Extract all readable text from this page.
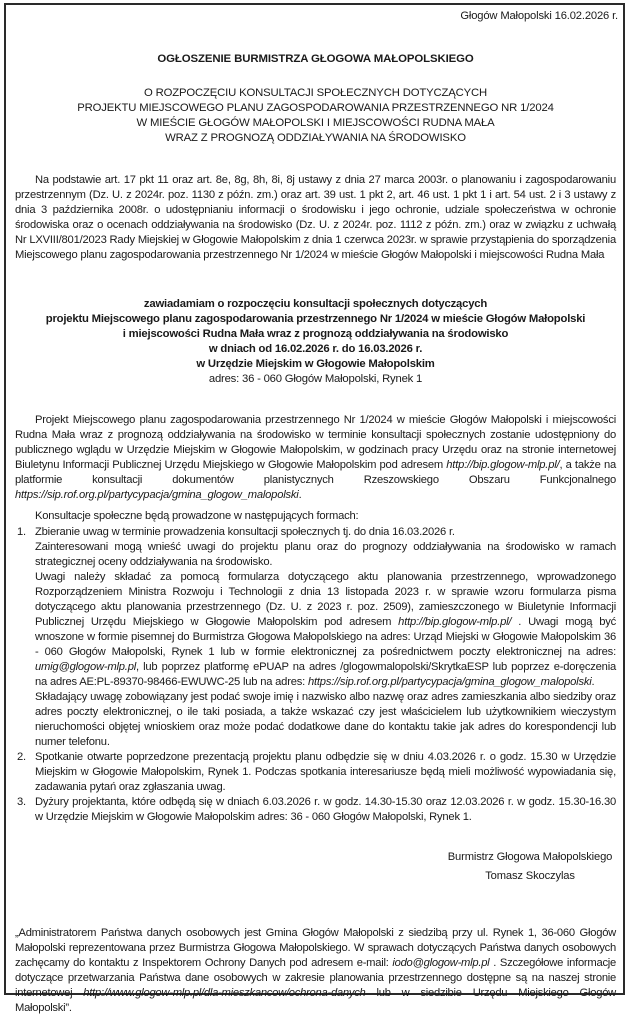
Głogów Małopolski 16.02.2026 r.
OGŁOSZENIE BURMISTRZA GŁOGOWA MAŁOPOLSKIEGO
O ROZPOCZĘCIU KONSULTACJI SPOŁECZNYCH DOTYCZĄCYCH
PROJEKTU MIEJSCOWEGO PLANU ZAGOSPODAROWANIA PRZESTRZENNEGO NR 1/2024
W MIEŚCIE GŁOGÓW MAŁOPOLSKI I MIEJSCOWOŚCI RUDNA MAŁA
WRAZ Z PROGNOZĄ ODDZIAŁYWANIA NA ŚRODOWISKO
Na podstawie art. 17 pkt 11 oraz art. 8e, 8g, 8h, 8i, 8j ustawy z dnia 27 marca 2003r. o planowaniu i zagospodarowaniu przestrzennym (Dz. U. z 2024r. poz. 1130 z późn. zm.) oraz art. 39 ust. 1 pkt 2, art. 46 ust. 1 pkt 1 i art. 54 ust. 2 i 3 ustawy z dnia 3 października 2008r. o udostępnianiu informacji o środowisku i jego ochronie, udziale społeczeństwa w ochronie środowiska oraz o ocenach oddziaływania na środowisko (Dz. U. z 2024r. poz. 1112 z późn. zm.) oraz w związku z uchwałą Nr LXVIII/801/2023 Rady Miejskiej w Głogowie Małopolskim z dnia 1 czerwca 2023r. w sprawie przystąpienia do sporządzenia Miejscowego planu zagospodarowania przestrzennego Nr 1/2024 w mieście Głogów Małopolski i miejscowości Rudna Mała
zawiadamiam o rozpoczęciu konsultacji społecznych dotyczących
projektu Miejscowego planu zagospodarowania przestrzennego Nr 1/2024 w mieście Głogów Małopolski
i miejscowości Rudna Mała wraz z prognozą oddziaływania na środowisko
w dniach od 16.02.2026 r. do 16.03.2026 r.
w Urzędzie Miejskim w Głogowie Małopolskim
adres: 36 - 060 Głogów Małopolski, Rynek 1
Projekt Miejscowego planu zagospodarowania przestrzennego Nr 1/2024 w mieście Głogów Małopolski i miejscowości Rudna Mała wraz z prognozą oddziaływania na środowisko w terminie konsultacji społecznych zostanie udostępniony do publicznego wglądu w Urzędzie Miejskim w Głogowie Małopolskim, w godzinach pracy Urzędu oraz na stronie internetowej Biuletynu Informacji Publicznej Urzędu Miejskiego w Głogowie Małopolskim pod adresem http://bip.glogow-mlp.pl/, a także na platformie konsultacji dokumentów planistycznych Rzeszowskiego Obszaru Funkcjonalnego https://sip.rof.org.pl/partycypacja/gmina_glogow_malopolski.
Konsultacje społeczne będą prowadzone w następujących formach:
1. Zbieranie uwag w terminie prowadzenia konsultacji społecznych tj. do dnia 16.03.2026 r.

Zainteresowani mogą wnieść uwagi do projektu planu oraz do prognozy oddziaływania na środowisko w ramach strategicznej oceny oddziaływania na środowisko.

Uwagi należy składać za pomocą formularza dotyczącego aktu planowania przestrzennego, wprowadzonego Rozporządzeniem Ministra Rozwoju i Technologii z dnia 13 listopada 2023 r. w sprawie wzoru formularza pisma dotyczącego aktu planowania przestrzennego (Dz. U. z 2023 r. poz. 2509), zamieszczonego w Biuletynie Informacji Publicznej Urzędu Miejskiego w Głogowie Małopolskim pod adresem http://bip.glogow-mlp.pl/ . Uwagi mogą być wnoszone w formie pisemnej do Burmistrza Głogowa Małopolskiego na adres: Urząd Miejski w Głogowie Małopolskim 36 - 060 Głogów Małopolski, Rynek 1 lub w formie elektronicznej za pośrednictwem poczty elektronicznej na adres: umig@glogow-mlp.pl, lub poprzez platformę ePUAP na adres /glogowmalopolski/SkrytkaESP lub poprzez e-doręczenia na adres AE:PL-89370-98466-EWUWC-25 lub na adres: https://sip.rof.org.pl/partycypacja/gmina_glogow_malopolski.

Składający uwagę zobowiązany jest podać swoje imię i nazwisko albo nazwę oraz adres zamieszkania albo siedziby oraz adres poczty elektronicznej, o ile taki posiada, a także wskazać czy jest właścicielem lub użytkownikiem wieczystym nieruchomości objętej wnioskiem oraz może podać dodatkowe dane do kontaktu takie jak adres do korespondencji lub numer telefonu.

2. Spotkanie otwarte poprzedzone prezentacją projektu planu odbędzie się w dniu 4.03.2026 r. o godz. 15.30 w Urzędzie Miejskim w Głogowie Małopolskim, Rynek 1. Podczas spotkania interesariusze będą mieli możliwość wypowiadania się, zadawania pytań oraz zgłaszania uwag.

3. Dyżury projektanta, które odbędą się w dniach 6.03.2026 r. w godz. 14.30-15.30 oraz 12.03.2026 r. w godz. 15.30-16.30 w Urzędzie Miejskim w Głogowie Małopolskim adres: 36 - 060 Głogów Małopolski, Rynek 1.

Burmistrz Głogowa Małopolskiego
Tomasz Skoczylas
„Administratorem Państwa danych osobowych jest Gmina Głogów Małopolski z siedzibą przy ul. Rynek 1, 36-060 Głogów Małopolski reprezentowana przez Burmistrza Głogowa Małopolskiego. W sprawach dotyczących Państwa danych osobowych zachęcamy do kontaktu z Inspektorem Ochrony Danych pod adresem e-mail: iodo@glogow-mlp.pl . Szczegółowe informacje dotyczące przetwarzania Państwa dane osobowych w zakresie planowania przestrzennego dostępne są na naszej stronie internetowej http://www.glogow-mlp.pl/dla-mieszkancow/ochrona-danych lub w siedzibie Urzędu Miejskiego Głogów Małopolski”.
